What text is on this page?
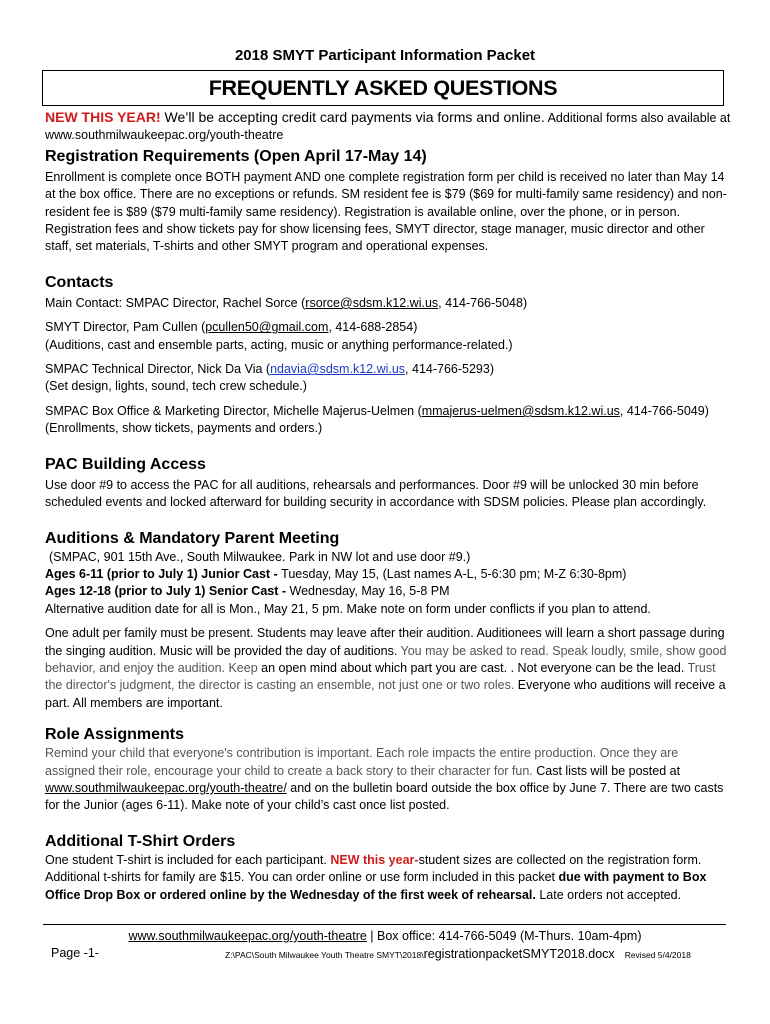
2018 SMYT Participant Information Packet
FREQUENTLY ASKED QUESTIONS

NEW THIS YEAR! We’ll be accepting credit card payments via forms and online. Additional forms also available at
www.southmilwaukeepac.org/youth-theatre

Registration Requirements (Open April 17-May 14)

Enrollment is complete once BOTH payment AND one complete registration form per child is received no later than May 14 at the box office. There are no exceptions or refunds. SM resident fee is $79 ($69 for multi-family same residency) and non-resident fee is $89 ($79 multi-family same residency). Registration is available online, over the phone, or in person. Registration fees and show tickets pay for show licensing fees, SMYT director, stage manager, music director and other staff, set materials, T-shirts and other SMYT program and operational expenses.

Contacts

Main Contact: SMPAC Director, Rachel Sorce (rsorce@sdsm.k12.wi.us, 414-766-5048)

SMYT Director, Pam Cullen (pcullen50@gmail.com, 414-688-2854)
(Auditions, cast and ensemble parts, acting, music or anything performance-related.)

SMPAC Technical Director, Nick Da Via (ndavia@sdsm.k12.wi.us, 414-766-5293)
(Set design, lights, sound, tech crew schedule.)

SMPAC Box Office & Marketing Director, Michelle Majerus-Uelmen (mmajerus-uelmen@sdsm.k12.wi.us, 414-766-5049)
(Enrollments, show tickets, payments and orders.)

PAC Building Access

Use door #9 to access the PAC for all auditions, rehearsals and performances. Door #9 will be unlocked 30 min before scheduled events and locked afterward for building security in accordance with SDSM policies. Please plan accordingly.

Auditions & Mandatory Parent Meeting

(SMPAC, 901 15th Ave., South Milwaukee. Park in NW lot and use door #9.)

Ages 6-11 (prior to July 1) Junior Cast - Tuesday, May 15, (Last names A-L, 5-6:30 pm; M-Z 6:30-8pm)

Ages 12-18 (prior to July 1) Senior Cast - Wednesday, May 16, 5-8 PM

Alternative audition date for all is Mon., May 21, 5 pm. Make note on form under conflicts if you plan to attend.

One adult per family must be present. Students may leave after their audition. Auditionees will learn a short passage during the singing audition. Music will be provided the day of auditions. You may be asked to read. Speak loudly, smile, show good behavior, and enjoy the audition. Keep an open mind about which part you are cast. . Not everyone can be the lead. Trust the director's judgment, the director is casting an ensemble, not just one or two roles. Everyone who auditions will receive a part. All members are important.

Role Assignments

Remind your child that everyone's contribution is important. Each role impacts the entire production. Once they are assigned their role, encourage your child to create a back story to their character for fun. Cast lists will be posted at www.southmilwaukeepac.org/youth-theatre/ and on the bulletin board outside the box office by June 7. There are two casts for the Junior (ages 6-11). Make note of your child’s cast once list posted.

Additional T-Shirt Orders

One student T-shirt is included for each participant. NEW this year-student sizes are collected on the registration form. Additional t-shirts for family are $15. You can order online or use form included in this packet due with payment to Box Office Drop Box or ordered online by the Wednesday of the first week of rehearsal. Late orders not accepted.

www.southmilwaukeepac.org/youth-theatre | Box office: 414-766-5049 (M-Thurs. 10am-4pm)
Page -1-	Z:\PAC\South Milwaukee Youth Theatre SMYT\2018\registrationpacketSMYT2018.docx Revised 5/4/2018
